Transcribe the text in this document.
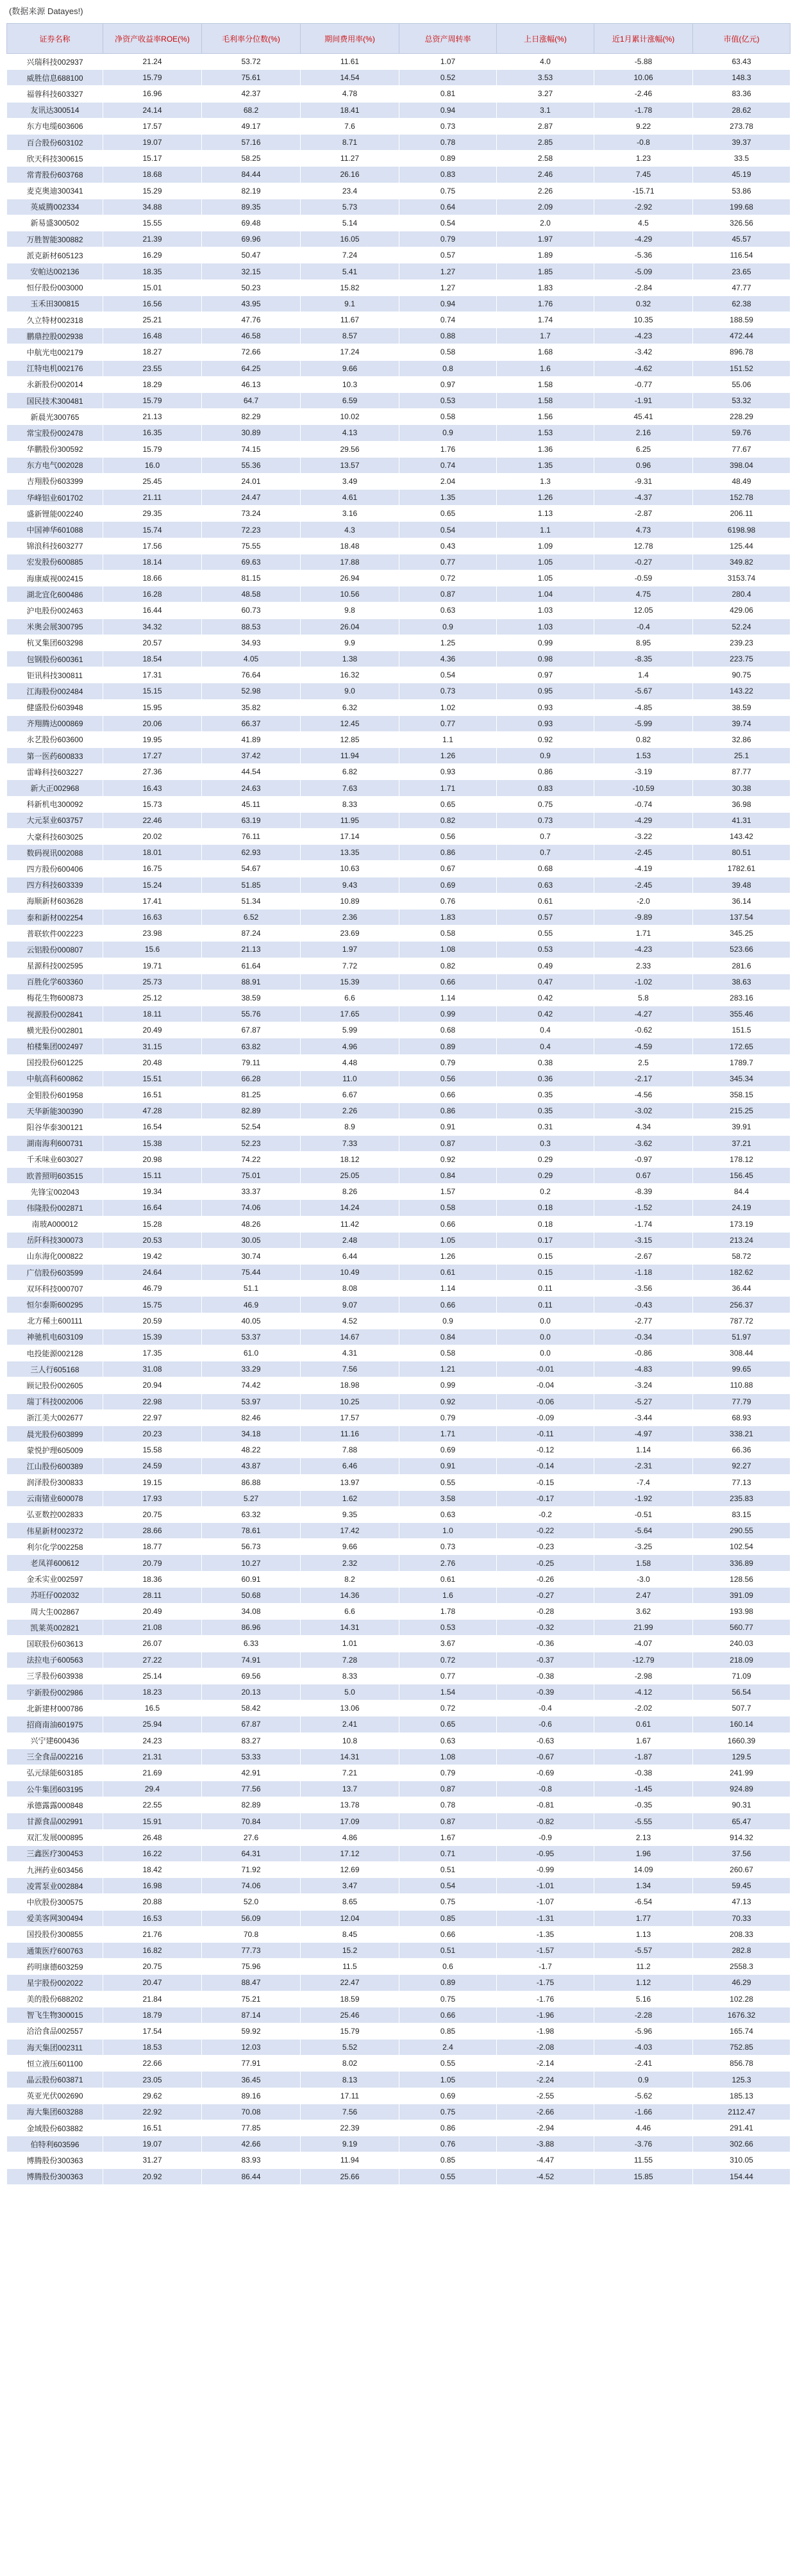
(数据来源 Datayes!)
证券名称	净资产收益率ROE(%)	毛利率分位数(%)	期间费用率(%)	总资产周转率	上日涨幅(%)	近1月累计涨幅(%)	市值(亿元)
兴瑞科技002937	21.24	53.72	11.61	1.07	4.0	-5.88	63.43
威胜信息688100	15.79	75.61	14.54	0.52	3.53	10.06	148.3
福蓉科技603327	16.96	42.37	4.78	0.81	3.27	-2.46	83.36
友讯达300514	24.14	68.2	18.41	0.94	3.1	-1.78	28.62
东方电缆603606	17.57	49.17	7.6	0.73	2.87	9.22	273.78
百合股份603102	19.07	57.16	8.71	0.78	2.85	-0.8	39.37
欣天科技300615	15.17	58.25	11.27	0.89	2.58	1.23	33.5
常青股份603768	18.68	84.44	26.16	0.83	2.46	7.45	45.19
麦克奥迪300341	15.29	82.19	23.4	0.75	2.26	-15.71	53.86
英威腾002334	34.88	89.35	5.73	0.64	2.09	-2.92	199.68
新易盛300502	15.55	69.48	5.14	0.54	2.0	4.5	326.56
万胜智能300882	21.39	69.96	16.05	0.79	1.97	-4.29	45.57
派克新材605123	16.29	50.47	7.24	0.57	1.89	-5.36	116.54
安帕达002136	18.35	32.15	5.41	1.27	1.85	-5.09	23.65
恒仔股份003000	15.01	50.23	15.82	1.27	1.83	-2.84	47.77
玉禾田300815	16.56	43.95	9.1	0.94	1.76	0.32	62.38
久立特材002318	25.21	47.76	11.67	0.74	1.74	10.35	188.59
鹏鼎控股002938	16.48	46.58	8.57	0.88	1.7	-4.23	472.44
中航光电002179	18.27	72.66	17.24	0.58	1.68	-3.42	896.78
江特电机002176	23.55	64.25	9.66	0.8	1.6	-4.62	151.52
永新股份002014	18.29	46.13	10.3	0.97	1.58	-0.77	55.06
国民技术300481	15.79	64.7	6.59	0.53	1.58	-1.91	53.32
新晨光300765	21.13	82.29	10.02	0.58	1.56	45.41	228.29
常宝股份002478	16.35	30.89	4.13	0.9	1.53	2.16	59.76
华鹏股份300592	15.79	74.15	29.56	1.76	1.36	6.25	77.67
东方电气002028	16.0	55.36	13.57	0.74	1.35	0.96	398.04
吉翔股份603399	25.45	24.01	3.49	2.04	1.3	-9.31	48.49
华峰铝业601702	21.11	24.47	4.61	1.35	1.26	-4.37	152.78
盛新锂能002240	29.35	73.24	3.16	0.65	1.13	-2.87	206.11
中国神华601088	15.74	72.23	4.3	0.54	1.1	4.73	6198.98
锦浪科技603277	17.56	75.55	18.48	0.43	1.09	12.78	125.44
宏发股份600885	18.14	69.63	17.88	0.77	1.05	-0.27	349.82
海康威视002415	18.66	81.15	26.94	0.72	1.05	-0.59	3153.74
湖北宜化600486	16.28	48.58	10.56	0.87	1.04	4.75	280.4
沪电股份002463	16.44	60.73	9.8	0.63	1.03	12.05	429.06
米奥会展300795	34.32	88.53	26.04	0.9	1.03	-0.4	52.24
杭叉集团603298	20.57	34.93	9.9	1.25	0.99	8.95	239.23
包钢股份600361	18.54	4.05	1.38	4.36	0.98	-8.35	223.75
钜讯科技300811	17.31	76.64	16.32	0.54	0.97	1.4	90.75
江海股份002484	15.15	52.98	9.0	0.73	0.95	-5.67	143.22
健盛股份603948	15.95	35.82	6.32	1.02	0.93	-4.85	38.59
齐翔腾达000869	20.06	66.37	12.45	0.77	0.93	-5.99	39.74
永艺股份603600	19.95	41.89	12.85	1.1	0.92	0.82	32.86
第一医药600833	17.27	37.42	11.94	1.26	0.9	1.53	25.1
雷峰科技603227	27.36	44.54	6.82	0.93	0.86	-3.19	87.77
新大正002968	16.43	24.63	7.63	1.71	0.83	-10.59	30.38
科新机电300092	15.73	45.11	8.33	0.65	0.75	-0.74	36.98
大元泵业603757	22.46	63.19	11.95	0.82	0.73	-4.29	41.31
大豪科技603025	20.02	76.11	17.14	0.56	0.7	-3.22	143.42
数码视讯002088	18.01	62.93	13.35	0.86	0.7	-2.45	80.51
四方股份600406	16.75	54.67	10.63	0.67	0.68	-4.19	1782.61
四方科技603339	15.24	51.85	9.43	0.69	0.63	-2.45	39.48
海顺新材603628	17.41	51.34	10.89	0.76	0.61	-2.0	36.14
泰和新材002254	16.63	6.52	2.36	1.83	0.57	-9.89	137.54
普联软件002223	23.98	87.24	23.69	0.58	0.55	1.71	345.25
云铝股份000807	15.6	21.13	1.97	1.08	0.53	-4.23	523.66
星源科技002595	19.71	61.64	7.72	0.82	0.49	2.33	281.6
百胜化学603360	25.73	88.91	15.39	0.66	0.47	-1.02	38.63
梅花生物600873	25.12	38.59	6.6	1.14	0.42	5.8	283.16
视源股份002841	18.11	55.76	17.65	0.99	0.42	-4.27	355.46
横光股份002801	20.49	67.87	5.99	0.68	0.4	-0.62	151.5
柏楼集团002497	31.15	63.82	4.96	0.89	0.4	-4.59	172.65
国投股份601225	20.48	79.11	4.48	0.79	0.38	2.5	1789.7
中航高科600862	15.51	66.28	11.0	0.56	0.36	-2.17	345.34
金钼股份601958	16.51	81.25	6.67	0.66	0.35	-4.56	358.15
天华新能300390	47.28	82.89	2.26	0.86	0.35	-3.02	215.25
阳谷华泰300121	16.54	52.54	8.9	0.91	0.31	4.34	39.91
湖南海利600731	15.38	52.23	7.33	0.87	0.3	-3.62	37.21
千禾味业603027	20.98	74.22	18.12	0.92	0.29	-0.97	178.12
欧普照明603515	15.11	75.01	25.05	0.84	0.29	0.67	156.45
先锋宝002043	19.34	33.37	8.26	1.57	0.2	-8.39	84.4
伟隆股份002871	16.64	74.06	14.24	0.58	0.18	-1.52	24.19
南玻A000012	15.28	48.26	11.42	0.66	0.18	-1.74	173.19
岳阡科技300073	20.53	30.05	2.48	1.05	0.17	-3.15	213.24
山东海化000822	19.42	30.74	6.44	1.26	0.15	-2.67	58.72
广信股份603599	24.64	75.44	10.49	0.61	0.15	-1.18	182.62
双环科技000707	46.79	51.1	8.08	1.14	0.11	-3.56	36.44
恒尔泰斯600295	15.75	46.9	9.07	0.66	0.11	-0.43	256.37
北方稀土600111	20.59	40.05	4.52	0.9	0.0	-2.77	787.72
神驰机电603109	15.39	53.37	14.67	0.84	0.0	-0.34	51.97
电投能源002128	17.35	61.0	4.31	0.58	0.0	-0.86	308.44
三人行605168	31.08	33.29	7.56	1.21	-0.01	-4.83	99.65
顾记股份002605	20.94	74.42	18.98	0.99	-0.04	-3.24	110.88
瑞丁科技002006	22.98	53.97	10.25	0.92	-0.06	-5.27	77.79
浙江美大002677	22.97	82.46	17.57	0.79	-0.09	-3.44	68.93
晨光股份603899	20.23	34.18	11.16	1.71	-0.11	-4.97	338.21
蒙悦护理605009	15.58	48.22	7.88	0.69	-0.12	1.14	66.36
江山股份600389	24.59	43.87	6.46	0.91	-0.14	-2.31	92.27
润泽股份300833	19.15	86.88	13.97	0.55	-0.15	-7.4	77.13
云南锗业600078	17.93	5.27	1.62	3.58	-0.17	-1.92	235.83
弘亚数控002833	20.75	63.32	9.35	0.63	-0.2	-0.51	83.15
伟星新材002372	28.66	78.61	17.42	1.0	-0.22	-5.64	290.55
利尔化学002258	18.77	56.73	9.66	0.73	-0.23	-3.25	102.54
老凤祥600612	20.79	10.27	2.32	2.76	-0.25	1.58	336.89
金禾实业002597	18.36	60.91	8.2	0.61	-0.26	-3.0	128.56
苏旺仔002032	28.11	50.68	14.36	1.6	-0.27	2.47	391.09
周大生002867	20.49	34.08	6.6	1.78	-0.28	3.62	193.98
凯莱英002821	21.08	86.96	14.31	0.53	-0.32	21.99	560.77
国联股份603613	26.07	6.33	1.01	3.67	-0.36	-4.07	240.03
法拉电子600563	27.22	74.91	7.28	0.72	-0.37	-12.79	218.09
三孚股份603938	25.14	69.56	8.33	0.77	-0.38	-2.98	71.09
宇新股份002986	18.23	20.13	5.0	1.54	-0.39	-4.12	56.54
北新建材000786	16.5	58.42	13.06	0.72	-0.4	-2.02	507.7
招商南油601975	25.94	67.87	2.41	0.65	-0.6	0.61	160.14
兴宁建600436	24.23	83.27	10.8	0.63	-0.63	1.67	1660.39
三全食品002216	21.31	53.33	14.31	1.08	-0.67	-1.87	129.5
弘元绿能603185	21.69	42.91	7.21	0.79	-0.69	-0.38	241.99
公牛集团603195	29.4	77.56	13.7	0.87	-0.8	-1.45	924.89
承德露露000848	22.55	82.89	13.78	0.78	-0.81	-0.35	90.31
甘源食品002991	15.91	70.84	17.09	0.87	-0.82	-5.55	65.47
双汇发展000895	26.48	27.6	4.86	1.67	-0.9	2.13	914.32
三鑫医疗300453	16.22	64.31	17.12	0.71	-0.95	1.96	37.56
九洲药业603456	18.42	71.92	12.69	0.51	-0.99	14.09	260.67
凌霄泵业002884	16.98	74.06	3.47	0.54	-1.01	1.34	59.45
中欣股份300575	20.88	52.0	8.65	0.75	-1.07	-6.54	47.13
爱美客网300494	16.53	56.09	12.04	0.85	-1.31	1.77	70.33
国投股份300855	21.76	70.8	8.45	0.66	-1.35	1.13	208.33
通策医疗600763	16.82	77.73	15.2	0.51	-1.57	-5.57	282.8
药明康德603259	20.75	75.96	11.5	0.6	-1.7	11.2	2558.3
星宇股份002022	20.47	88.47	22.47	0.89	-1.75	1.12	46.29
美的股份688202	21.84	75.21	18.59	0.75	-1.76	5.16	102.28
智飞生物300015	18.79	87.14	25.46	0.66	-1.96	-2.28	1676.32
洽洽食品002557	17.54	59.92	15.79	0.85	-1.98	-5.96	165.74
海天集团002311	18.53	12.03	5.52	2.4	-2.08	-4.03	752.85
恒立液压601100	22.66	77.91	8.02	0.55	-2.14	-2.41	856.78
晶云股份603871	23.05	36.45	8.13	1.05	-2.24	0.9	125.3
英亚光伏002690	29.62	89.16	17.11	0.69	-2.55	-5.62	185.13
海大集团603288	22.92	70.08	7.56	0.75	-2.66	-1.66	2112.47
金域股份603882	16.51	77.85	22.39	0.86	-2.94	4.46	291.41
伯特利603596	19.07	42.66	9.19	0.76	-3.88	-3.76	302.66
博腾股份300363	31.27	83.93	11.94	0.85	-4.47	11.55	310.05
博腾股份300363	20.92	86.44	25.66	0.55	-4.52	15.85	154.44
